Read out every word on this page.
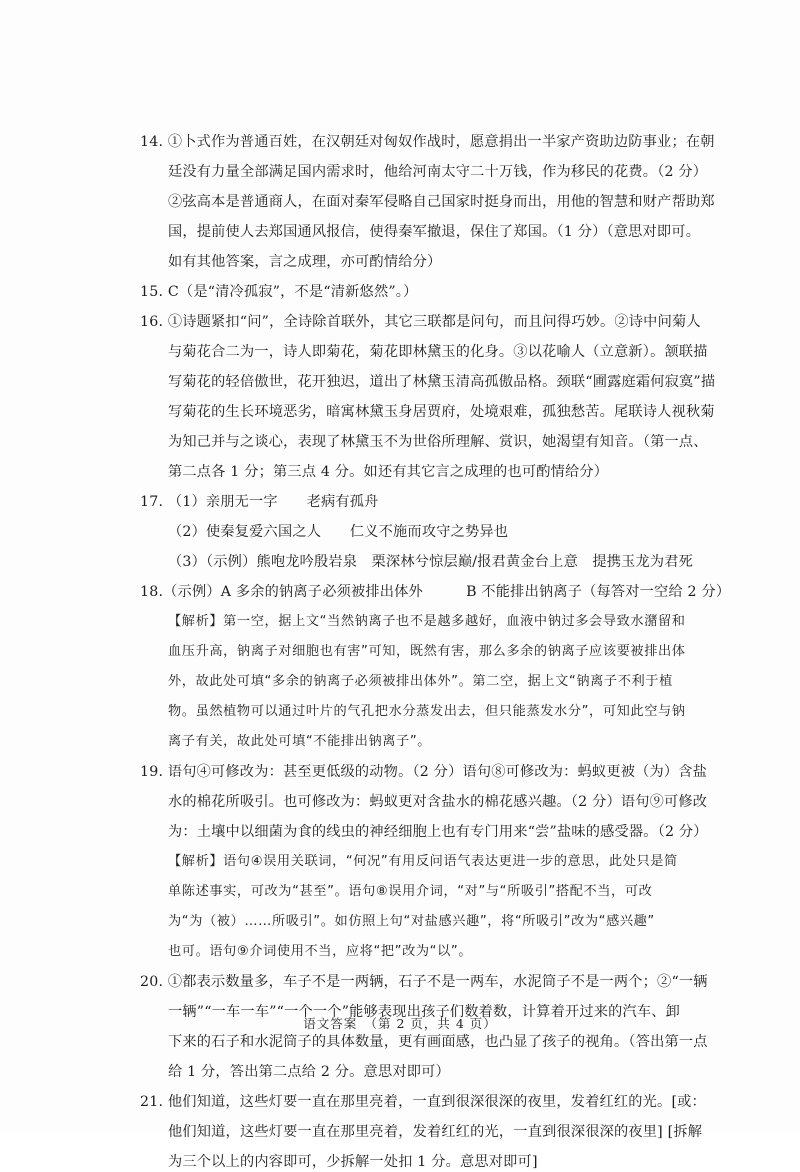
14. ①卜式作为普通百姓，在汉朝廷对匈奴作战时，愿意捐出一半家产资助边防事业；在朝
廷没有力量全部满足国内需求时，他给河南太守二十万钱，作为移民的花费。（2 分）
②弦高本是普通商人，在面对秦军侵略自己国家时挺身而出，用他的智慧和财产帮助郑
国，提前使人去郑国通风报信，使得秦军撤退，保住了郑国。（1 分）（意思对即可。
如有其他答案，言之成理，亦可酌情给分）
15. C（是“清冷孤寂”，不是“清新悠然”。）
16. ①诗题紧扣“问”，全诗除首联外，其它三联都是问句，而且问得巧妙。②诗中问菊人
与菊花合二为一，诗人即菊花，菊花即林黛玉的化身。③以花喻人（立意新）。颔联描
写菊花的轻倍傲世，花开独迟，道出了林黛玉清高孤傲品格。颈联“圃露庭霜何寂寞”描
写菊花的生长环境恶劣，暗寓林黛玉身居贾府，处境艰难，孤独愁苦。尾联诗人视秋菊
为知己并与之谈心，表现了林黛玉不为世俗所理解、赏识，她渴望有知音。（第一点、
第二点各 1 分；第三点 4 分。如还有其它言之成理的也可酌情给分）
17. （1）亲朋无一字　　老病有孤舟
（2）使秦复爱六国之人　　仁义不施而攻守之势异也
（3）（示例）熊咆龙吟殷岩泉　栗深林兮惊层巅/报君黄金台上意　提携玉龙为君死
18.（示例）A 多余的钠离子必须被排出体外　　　B 不能排出钠离子（每答对一空给 2 分）
【解析】第一空，据上文“当然钠离子也不是越多越好，血液中钠过多会导致水潴留和
血压升高，钠离子对细胞也有害”可知，既然有害，那么多余的钠离子应该要被排出体
外，故此处可填“多余的钠离子必须被排出体外”。第二空，据上文“钠离子不利于植
物。虽然植物可以通过叶片的气孔把水分蒸发出去，但只能蒸发水分”，可知此空与钠
离子有关，故此处可填“不能排出钠离子”。
19. 语句④可修改为：甚至更低级的动物。（2 分）语句⑧可修改为：蚂蚁更被（为）含盐
水的棉花所吸引。也可修改为：蚂蚁更对含盐水的棉花感兴趣。（2 分）语句⑨可修改
为：土壤中以细菌为食的线虫的神经细胞上也有专门用来“尝”盐味的感受器。（2 分）
【解析】语句④误用关联词，“何况”有用反问语气表达更进一步的意思，此处只是简
单陈述事实，可改为“甚至”。语句⑧误用介词，“对”与“所吸引”搭配不当，可改
为“为（被）……所吸引”。如仿照上句“对盐感兴趣”，将“所吸引”改为“感兴趣”
也可。语句⑨介词使用不当，应将“把”改为“以”。
20. ①都表示数量多，车子不是一两辆，石子不是一两车，水泥筒子不是一两个；②“一辆
一辆”“一车一车”“一个一个”能够表现出孩子们数着数，计算着开过来的汽车、卸
下来的石子和水泥筒子的具体数量，更有画面感，也凸显了孩子的视角。（答出第一点
给 1 分，答出第二点给 2 分。意思对即可）
21. 他们知道，这些灯要一直在那里亮着，一直到很深很深的夜里，发着红红的光。[或：
他们知道，这些灯要一直在那里亮着，发着红红的光，一直到很深很深的夜里] [拆解
为三个以上的内容即可，少拆解一处扣 1 分。意思对即可]
语文答案　（第 2 页，共 4 页）
